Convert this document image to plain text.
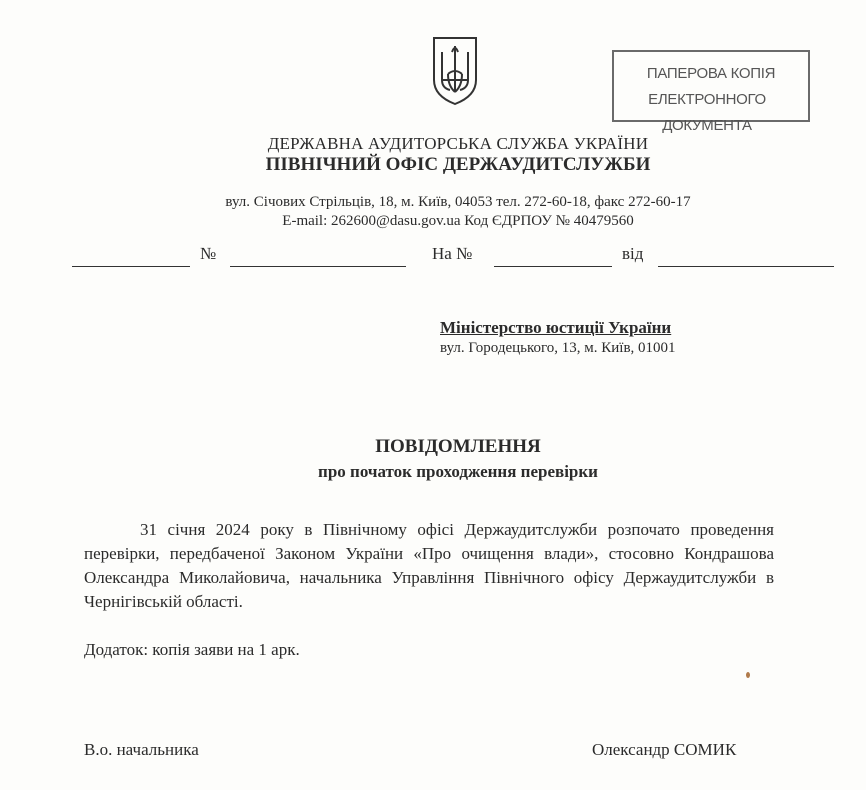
ПАПЕРОВА КОПІЯ
ЕЛЕКТРОННОГО ДОКУМЕНТА
ДЕРЖАВНА АУДИТОРСЬКА СЛУЖБА УКРАЇНИ
ПІВНІЧНИЙ ОФІС ДЕРЖАУДИТСЛУЖБИ
вул. Січових Стрільців, 18, м. Київ, 04053 тел. 272-60-18, факс 272-60-17
E-mail: 262600@dasu.gov.ua Код ЄДРПОУ № 40479560
№	На №	від
Міністерство юстиції України
вул. Городецького, 13, м. Київ, 01001
ПОВІДОМЛЕННЯ
про початок проходження перевірки

31 січня 2024 року в Північному офісі Держаудитслужби розпочато проведення перевірки, передбаченої Законом України «Про очищення влади», стосовно Кондрашова Олександра Миколайовича, начальника Управління Північного офісу Держаудитслужби в Чернігівській області.

Додаток: копія заяви на 1 арк.
В.о. начальника	Олександр СОМИК
